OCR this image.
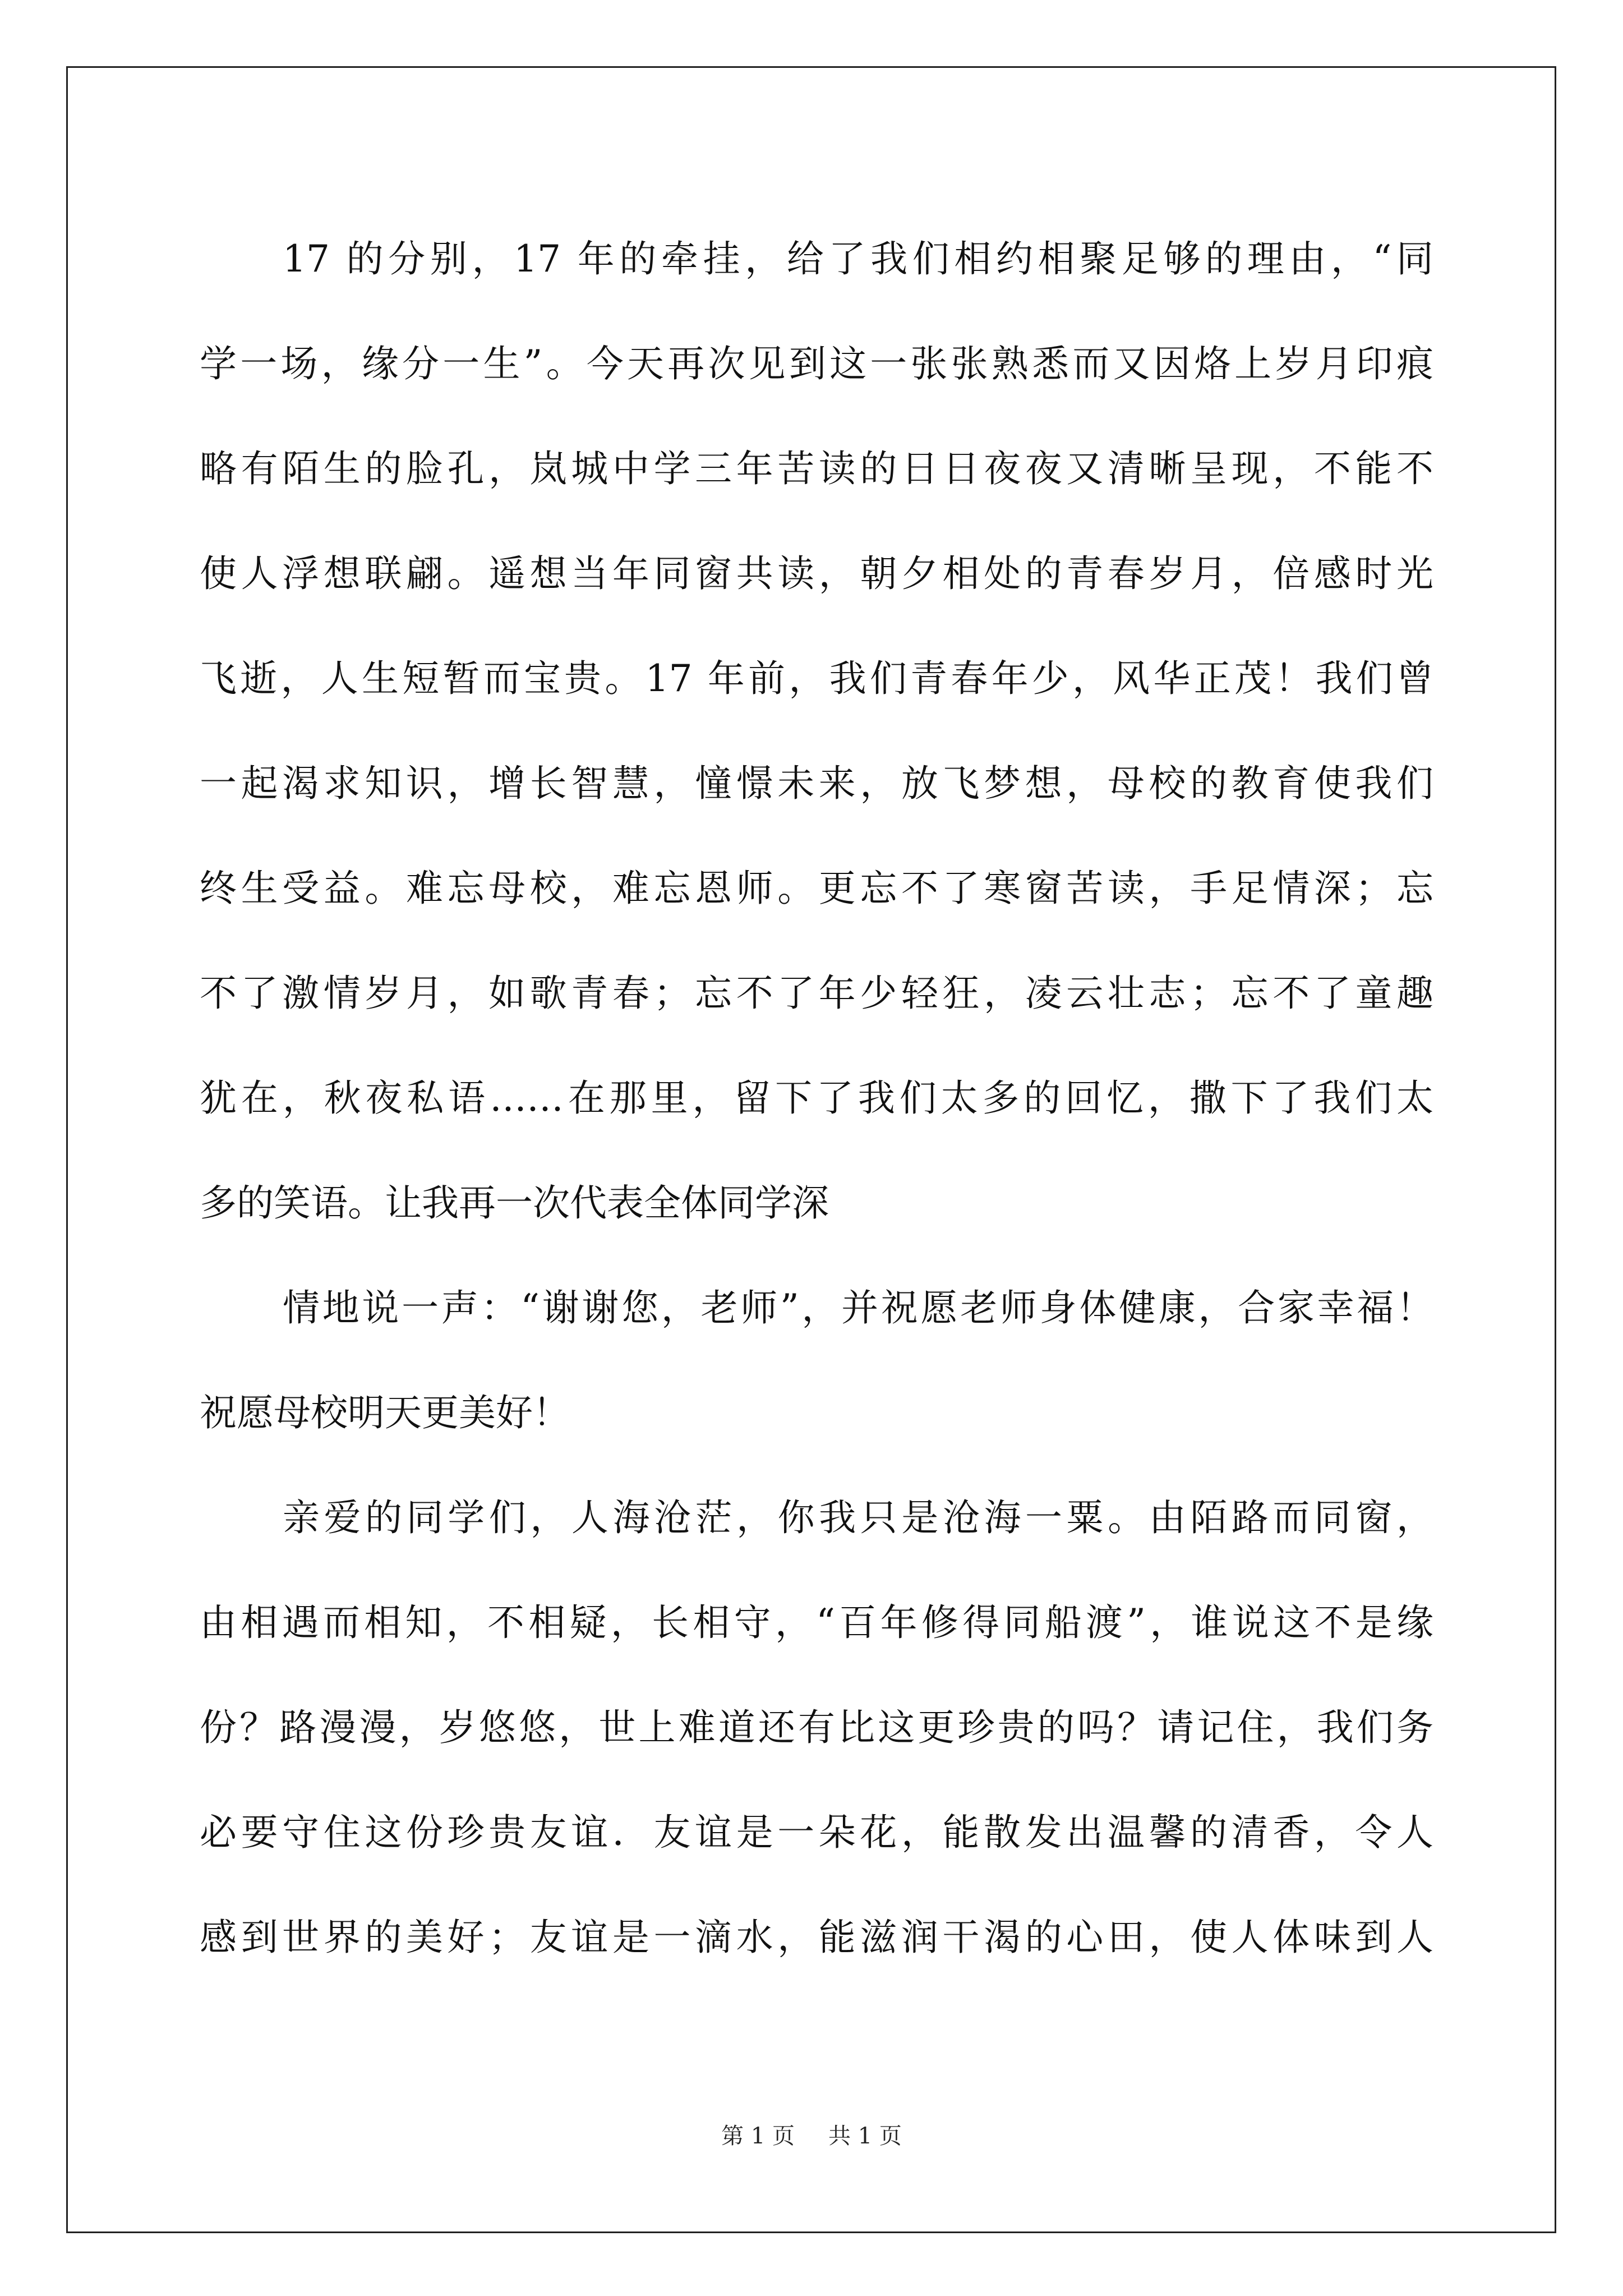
17 的分别，17 年的牵挂，给了我们相约相聚足够的理由，“同
学一场，缘分一生”。今天再次见到这一张张熟悉而又因烙上岁月印痕
略有陌生的脸孔，岚城中学三年苦读的日日夜夜又清晰呈现，不能不
使人浮想联翩。遥想当年同窗共读，朝夕相处的青春岁月，倍感时光
飞逝，人生短暂而宝贵。17 年前，我们青春年少，风华正茂！我们曾
一起渴求知识，增长智慧，憧憬未来，放飞梦想，母校的教育使我们
终生受益。难忘母校，难忘恩师。更忘不了寒窗苦读，手足情深；忘
不了激情岁月，如歌青春；忘不了年少轻狂，凌云壮志；忘不了童趣
犹在，秋夜私语……在那里，留下了我们太多的回忆，撒下了我们太
多的笑语。让我再一次代表全体同学深
情地说一声：“谢谢您，老师”，并祝愿老师身体健康，合家幸福！
祝愿母校明天更美好！
亲爱的同学们，人海沧茫，你我只是沧海一粟。由陌路而同窗，
由相遇而相知，不相疑，长相守，“百年修得同船渡”，谁说这不是缘
份？路漫漫，岁悠悠，世上难道还有比这更珍贵的吗？请记住，我们务
必要守住这份珍贵友谊．友谊是一朵花，能散发出温馨的清香，令人
感到世界的美好；友谊是一滴水，能滋润干渴的心田，使人体味到人
第 1 页 共 1 页
